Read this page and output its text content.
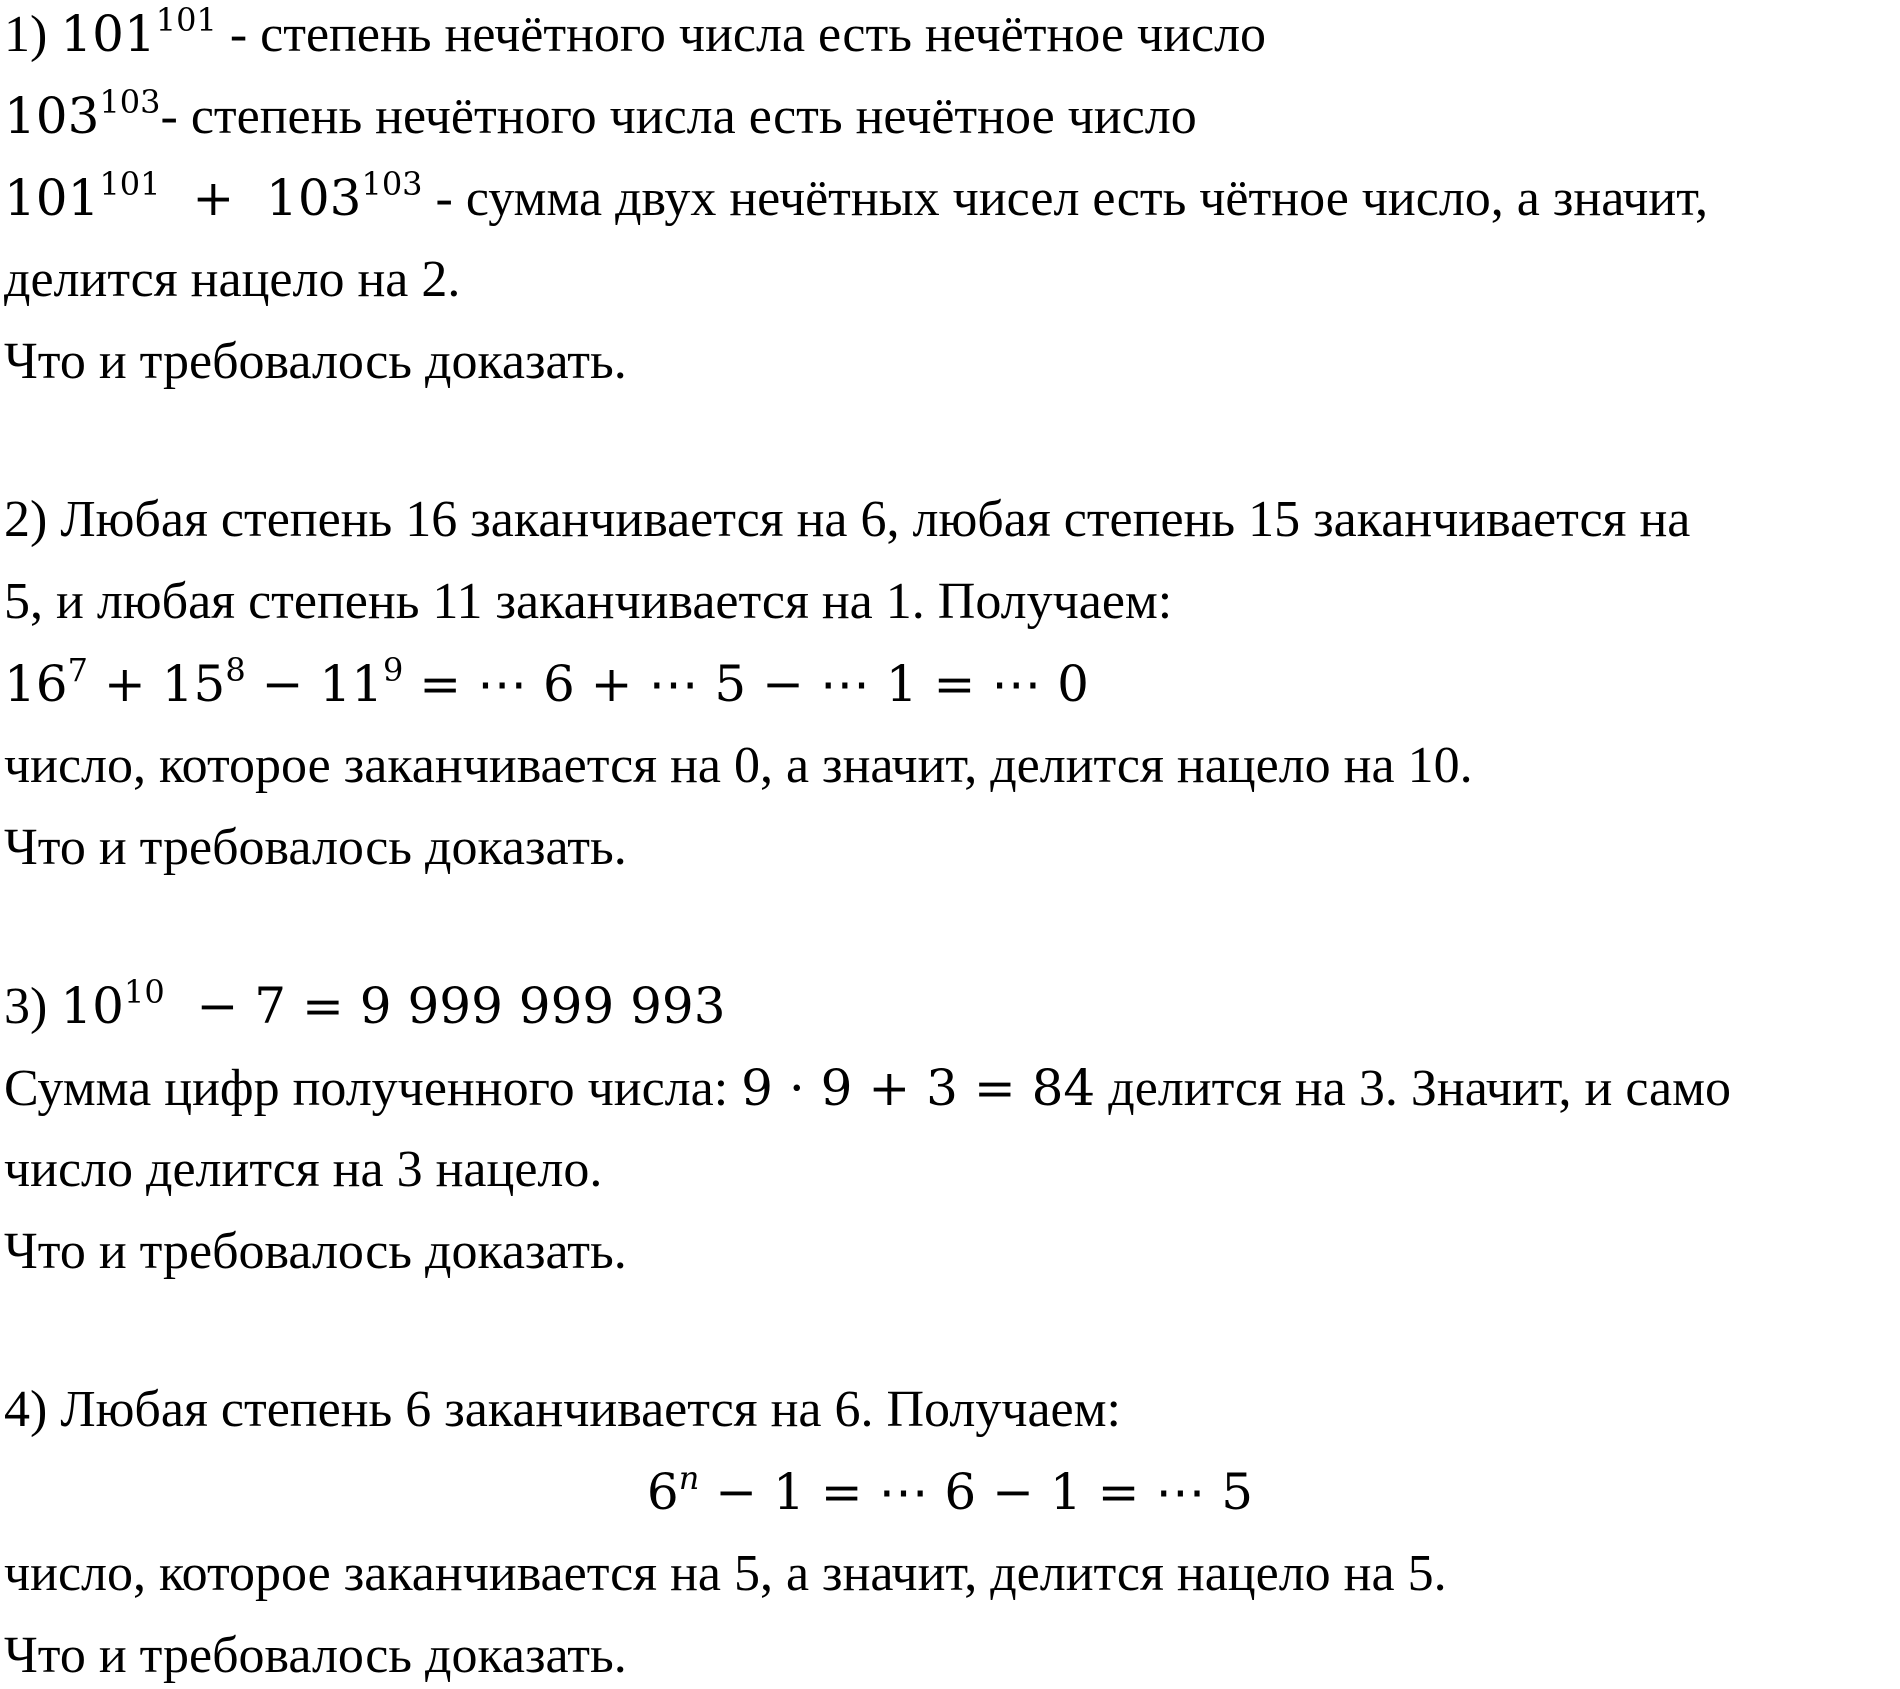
1) $101^{101}$ - степень нечётного числа есть нечётное число
$103^{103}-$ степень нечётного числа есть нечётное число
$101^{101} + 103^{103}$ - сумма двух нечётных чисел есть чётное число, а значит,
делится нацело на 2.
Что и требовалось доказать.
2) Любая степень 16 заканчивается на 6, любая степень 15 заканчивается на
5, и любая степень 11 заканчивается на 1. Получаем:
$16^7 + 15^8 - 11^9$ = ⋯ 6 + ⋯ 5 − ⋯ 1 = ⋯ 0
число, которое заканчивается на 0, а значит, делится нацело на 10.
Что и требовалось доказать.
3) $10^{10} - 7 = 9$ 999 999 993
Сумма цифр полученного числа: 9 · 9 + 3 = 84 делится на 3. Значит, и само
число делится на 3 нацело.
Что и требовалось доказать.
4) Любая степень 6 заканчивается на 6. Получаем:
$6^n - 1$ = ⋯ 6 − 1 = ⋯ 5
число, которое заканчивается на 5, а значит, делится нацело на 5.
Что и требовалось доказать.
